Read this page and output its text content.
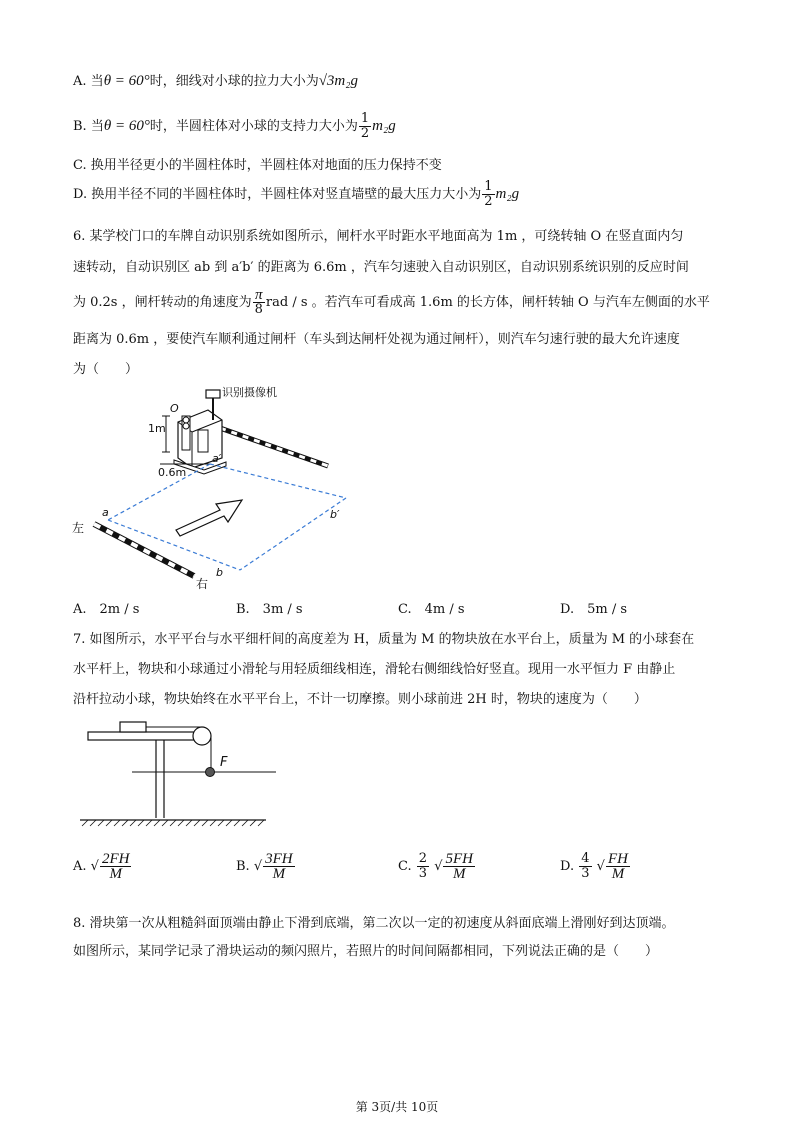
A. 当θ = 60°时，细线对小球的拉力大小为√3m₂g
B. 当θ = 60°时，半圆柱体对小球的支持力大小为 $\frac{1}{2} m_2g$
C. 换用半径更小的半圆柱体时，半圆柱体对地面的压力保持不变
D. 换用半径不同的半圆柱体时，半圆柱体对竖直墙壁的最大压力大小为 $\frac{1}{2} m_2g$
6. 某学校门口的车牌自动识别系统如图所示，闸杆水平时距水平地面高为 1m ，可绕转轴 O 在竖直面内匀
速转动，自动识别区 ab 到 a′b′ 的距离为 6.6m ，汽车匀速驶入自动识别区，自动识别系统识别的反应时间
为 0.2s ，闸杆转动的角速度为 $\frac{\pi}{8}$ rad / s 。若汽车可看成高 1.6m 的长方体，闸杆转轴 O 与汽车左侧面的水平
距离为 0.6m ，要使汽车顺利通过闸杆（车头到达闸杆处视为通过闸杆），则汽车匀速行驶的最大允许速度
为（　　）
识别摄像机
O
1m
0.6m
a′
b′
a
b
左
右
A.　2m / s	B.　3m / s	C.　4m / s	D.　5m / s
7. 如图所示，水平平台与水平细杆间的高度差为 H，质量为 M 的物块放在水平台上，质量为 M 的小球套在
水平杆上，物块和小球通过小滑轮与用轻质细线相连，滑轮右侧细线恰好竖直。现用一水平恒力 F 由静止
沿杆拉动小球，物块始终在水平平台上，不计一切摩擦。则小球前进 2H 时，物块的速度为（　　）
F
A. √ $\frac{2FH}{M}$	B. √ $\frac{3FH}{M}$	C. $\frac{2}{3}$ √ $\frac{5FH}{M}$	D. $\frac{4}{3}$ √ $\frac{FH}{M}$
8. 滑块第一次从粗糙斜面顶端由静止下滑到底端，第二次以一定的初速度从斜面底端上滑刚好到达顶端。
如图所示，某同学记录了滑块运动的频闪照片，若照片的时间间隔都相同，下列说法正确的是（　　）
第 3页/共 10页
